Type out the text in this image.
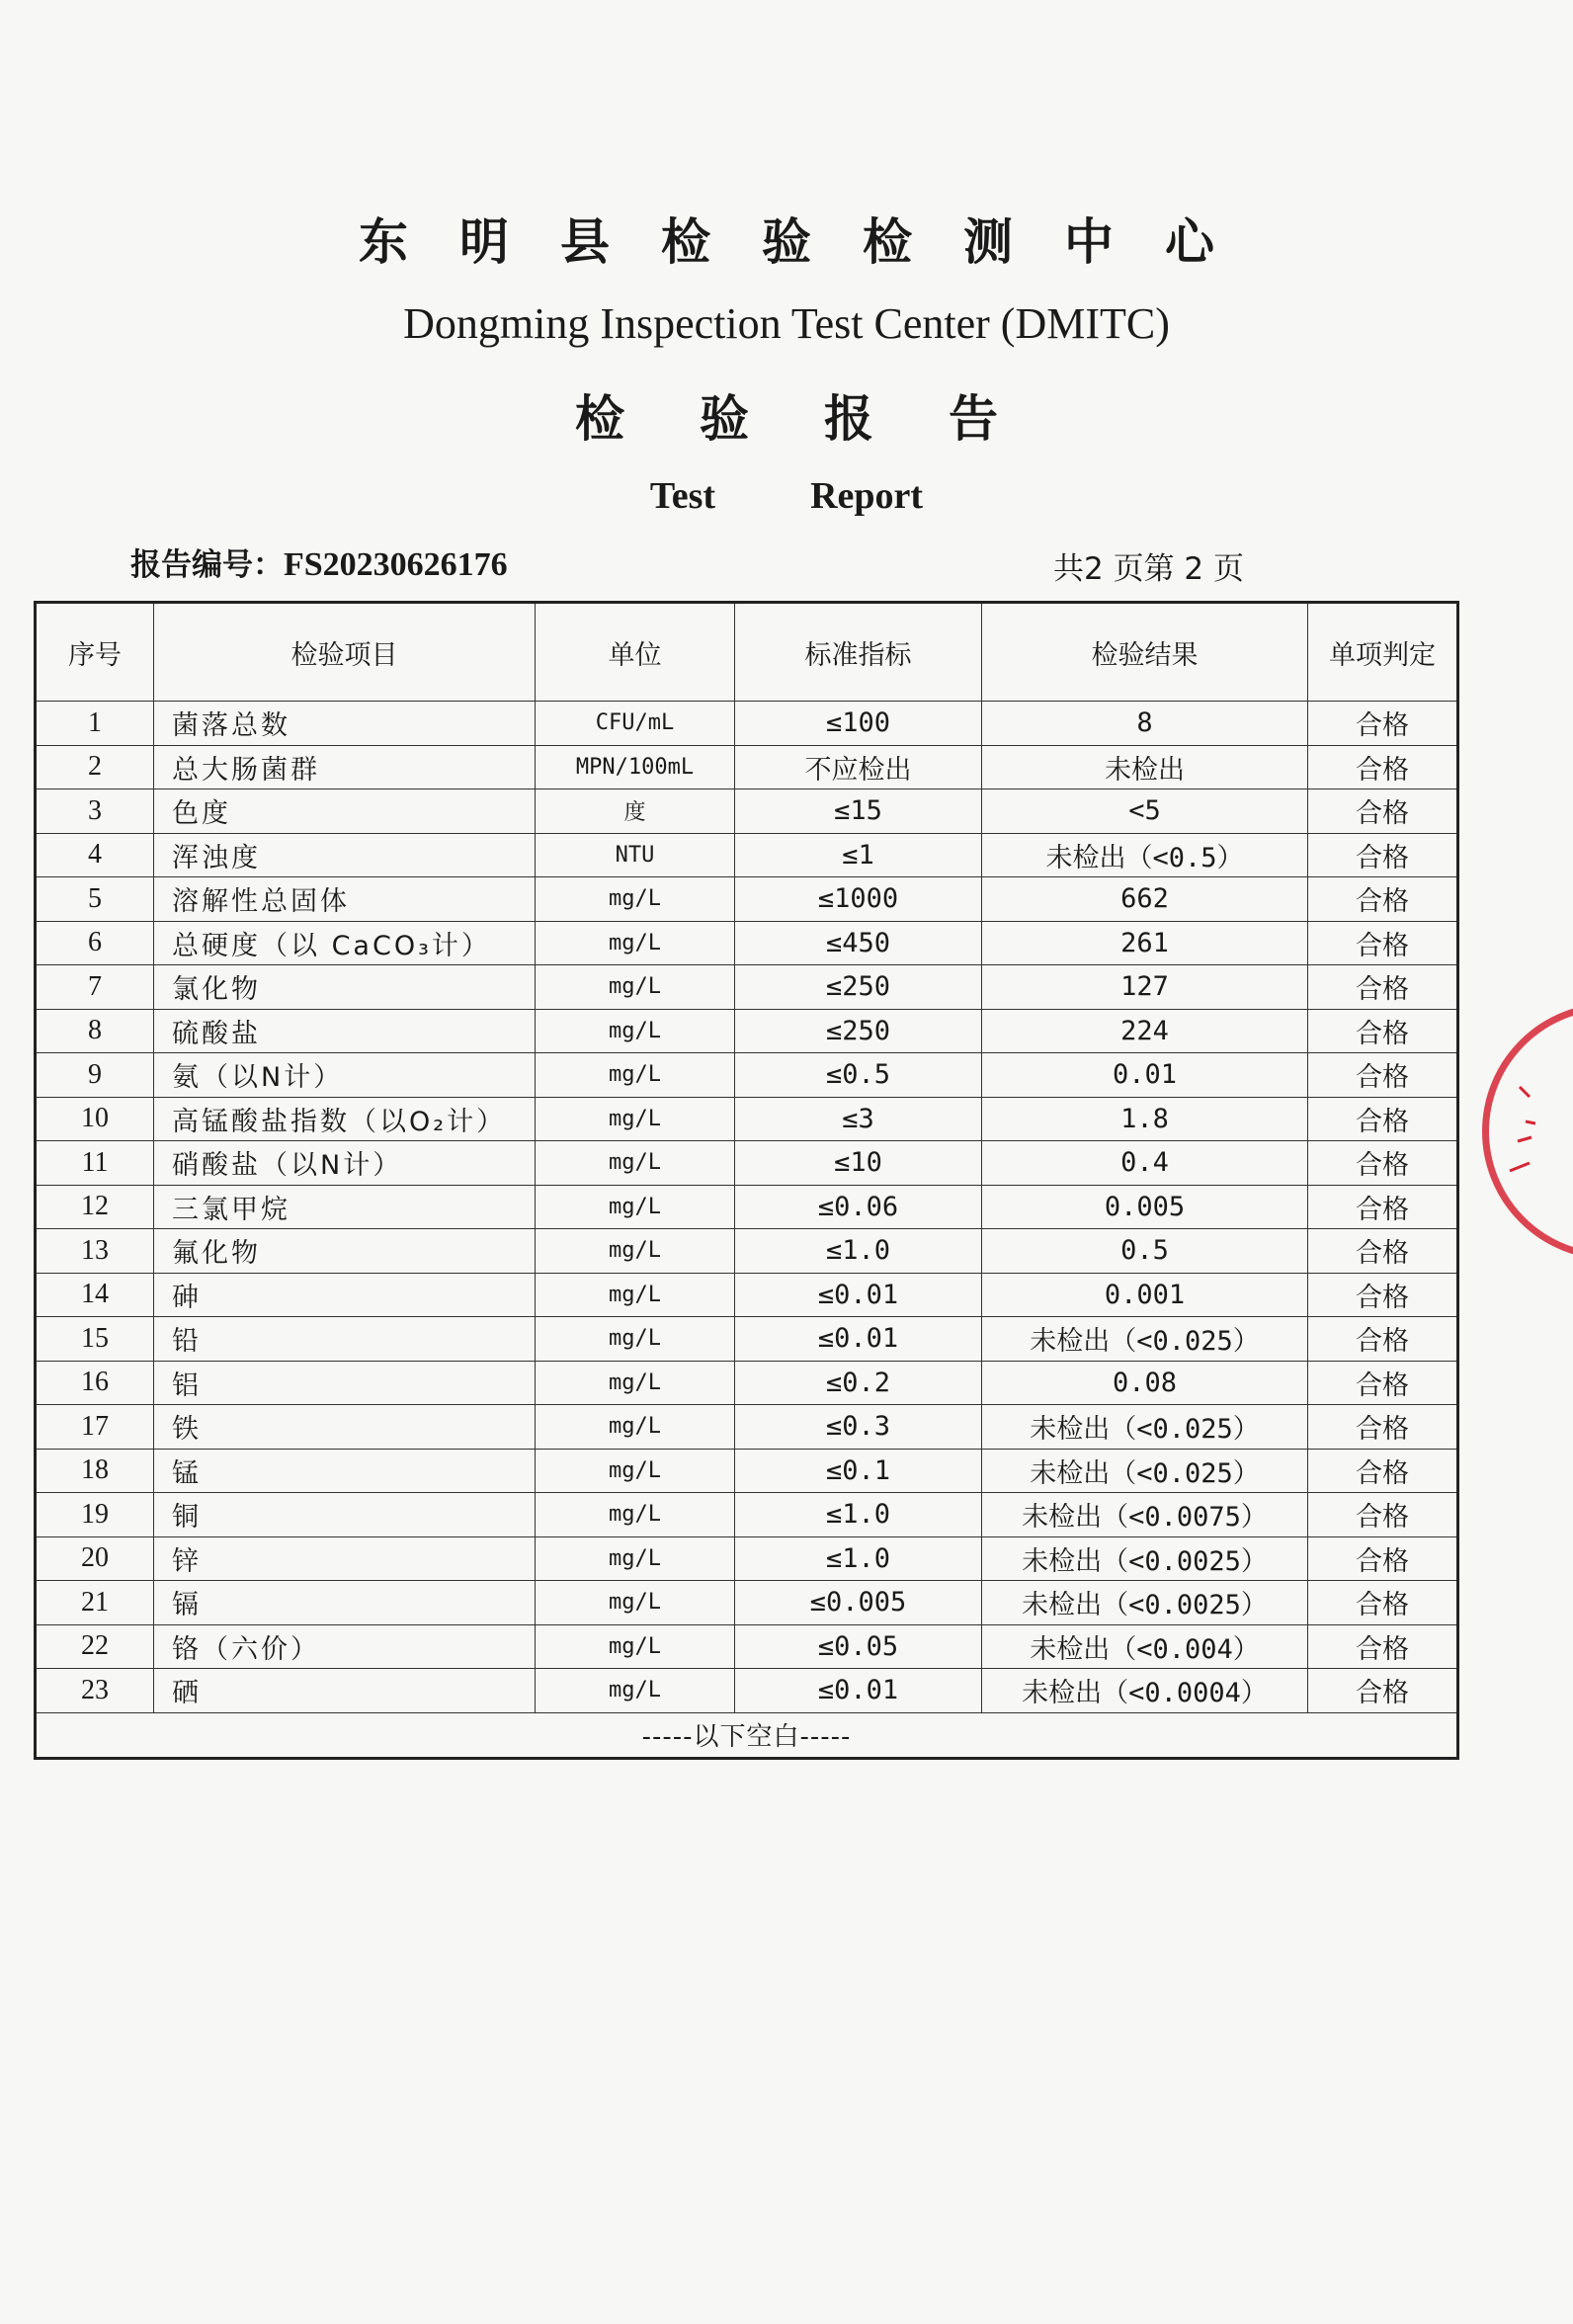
东明县检验检测中心
Dongming Inspection Test Center (DMITC)
检 验 报 告
Test	Report
报告编号：FS20230626176	共2 页第 2 页
序号	检验项目	单位	标准指标	检验结果	单项判定
1	菌落总数	CFU/mL	≤100	8	合格
2	总大肠菌群	MPN/100mL	不应检出	未检出	合格
3	色度	度	≤15	<5	合格
4	浑浊度	NTU	≤1	未检出（<0.5）	合格
5	溶解性总固体	mg/L	≤1000	662	合格
6	总硬度（以 CaCO₃计）	mg/L	≤450	261	合格
7	氯化物	mg/L	≤250	127	合格
8	硫酸盐	mg/L	≤250	224	合格
9	氨（以N计）	mg/L	≤0.5	0.01	合格
10	高锰酸盐指数（以O₂计）	mg/L	≤3	1.8	合格
11	硝酸盐（以N计）	mg/L	≤10	0.4	合格
12	三氯甲烷	mg/L	≤0.06	0.005	合格
13	氟化物	mg/L	≤1.0	0.5	合格
14	砷	mg/L	≤0.01	0.001	合格
15	铅	mg/L	≤0.01	未检出（<0.025）	合格
16	铝	mg/L	≤0.2	0.08	合格
17	铁	mg/L	≤0.3	未检出（<0.025）	合格
18	锰	mg/L	≤0.1	未检出（<0.025）	合格
19	铜	mg/L	≤1.0	未检出（<0.0075）	合格
20	锌	mg/L	≤1.0	未检出（<0.0025）	合格
21	镉	mg/L	≤0.005	未检出（<0.0025）	合格
22	铬（六价）	mg/L	≤0.05	未检出（<0.004）	合格
23	硒	mg/L	≤0.01	未检出（<0.0004）	合格
-----以下空白-----					
